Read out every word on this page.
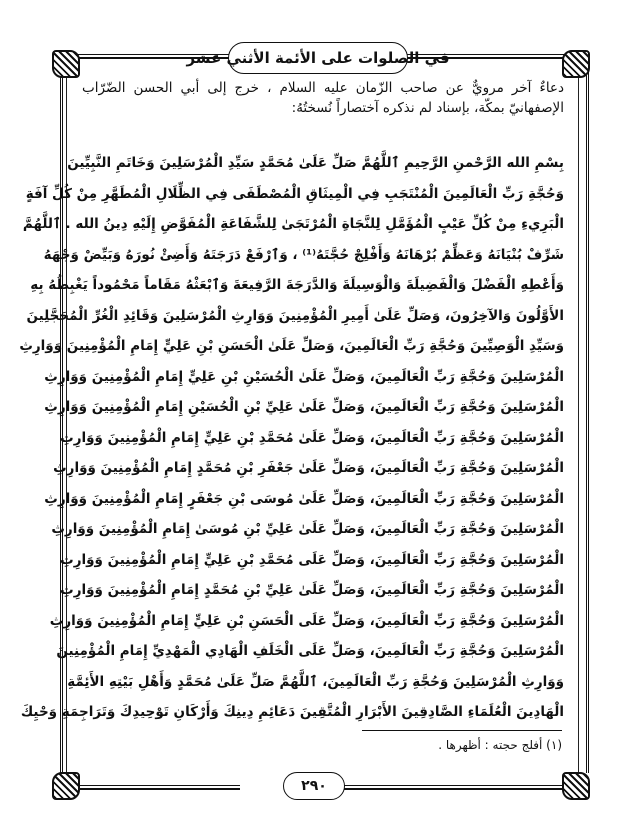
في الصلوات على الأئمة الأثني عشر
دعاءٌ آخر مرويٌّ عن صاحب الزّمان عليه السلام ، خرج إلى أبي الحسن الضّرّاب
الإصفهانيّ بمكّة، بإسناد لم نذكره آختصاراً نُسختُهُ:
بِسْمِ الله الرَّحْمنِ الرَّحِيمِ ٱللَّهُمَّ صَلِّ عَلَىٰ مُحَمَّدٍ سَيِّدِ الْمُرْسَلِينَ وَخَاتَمِ النَّبِيِّينَ
وَحُجَّةِ رَبِّ الْعَالَمِينَ الْمُنْتَجَبِ فِي الْمِيثَاقِ الْمُصْطَفَى فِي الظِّلَالِ الْمُطَهَّرِ مِنْ كُلِّ آفَةٍ
الْبَرِيءِ مِنْ كُلِّ عَيْبٍ الْمُؤَمَّلِ لِلنَّجَاةِ الْمُرْتَجَىٰ لِلشَّفَاعَةِ الْمُفَوَّضِ إِلَيْهِ دِينُ الله . ٱللَّهُمَّ
شَرِّفْ بُنْيَانَهُ وَعَظِّمْ بُرْهَانَهُ وَأَفْلِجْ حُجَّتَهُ⁽¹⁾ ، وَٱرْفَعْ دَرَجَتَهُ وَأَضِئْ نُورَهُ وَبَيِّضْ وَجْهَهُ
وَأَعْطِهِ الْفَضْلَ وَالْفَضِيلَةَ وَالْوَسِيلَةَ وَالدَّرَجَةَ الرَّفِيعَةَ وَٱبْعَثْهُ مَقَاماً مَحْمُوداً يَغْبِطُهُ بِهِ
الأَوَّلُونَ وَالآخِرُونَ، وَصَلِّ عَلَىٰ أَمِيرِ الْمُؤْمِنِينَ وَوَارِثِ الْمُرْسَلِينَ وَقَائِدِ الْغُرِّ الْمُحَجَّلِينَ
وَسَيِّدِ الْوَصِيِّينَ وَحُجَّةِ رَبِّ الْعَالَمِينَ، وَصَلِّ عَلَىٰ الْحَسَنِ بْنِ عَلِيٍّ إِمَامِ الْمُؤْمِنِينَ وَوَارِثِ
الْمُرْسَلِينَ وَحُجَّةِ رَبِّ الْعَالَمِينَ، وَصَلِّ عَلَىٰ الْحُسَيْنِ بْنِ عَلِيٍّ إِمَامِ الْمُؤْمِنِينَ وَوَارِثِ
الْمُرْسَلِينَ وَحُجَّةِ رَبِّ الْعَالَمِينَ، وَصَلِّ عَلَىٰ عَلِيِّ بْنِ الْحُسَيْنِ إِمَامِ الْمُؤْمِنِينَ وَوَارِثِ
الْمُرْسَلِينَ وَحُجَّةِ رَبِّ الْعَالَمِينَ، وَصَلِّ عَلَىٰ مُحَمَّدِ بْنِ عَلِيٍّ إِمَامِ الْمُؤْمِنِينَ وَوَارِثِ
الْمُرْسَلِينَ وَحُجَّةِ رَبِّ الْعَالَمِينَ، وَصَلِّ عَلَىٰ جَعْفَرِ بْنِ مُحَمَّدٍ إِمَامِ الْمُؤْمِنِينَ وَوَارِثِ
الْمُرْسَلِينَ وَحُجَّةِ رَبِّ الْعَالَمِينَ، وَصَلِّ عَلَىٰ مُوسَى بْنِ جَعْفَرٍ إِمَامِ الْمُؤْمِنِينَ وَوَارِثِ
الْمُرْسَلِينَ وَحُجَّةِ رَبِّ الْعَالَمِينَ، وَصَلِّ عَلَىٰ عَلِيِّ بْنِ مُوسَىٰ إِمَامِ الْمُؤْمِنِينَ وَوَارِثِ
الْمُرْسَلِينَ وَحُجَّةِ رَبِّ الْعَالَمِينَ، وَصَلِّ عَلَى مُحَمَّدِ بْنِ عَلِيٍّ إِمَامِ الْمُؤْمِنِينَ وَوَارِثِ
الْمُرْسَلِينَ وَحُجَّةِ رَبِّ الْعَالَمِينَ، وَصَلِّ عَلَىٰ عَلِيِّ بْنِ مُحَمَّدٍ إِمَامِ الْمُؤْمِنِينَ وَوَارِثِ
الْمُرْسَلِينَ وَحُجَّةِ رَبِّ الْعَالَمِينَ، وَصَلِّ عَلَى الْحَسَنِ بْنِ عَلِيٍّ إِمَامِ الْمُؤْمِنِينَ وَوَارِثِ
الْمُرْسَلِينَ وَحُجَّةِ رَبِّ الْعَالَمِينَ، وَصَلِّ عَلَى الْخَلَفِ الْهَادِي الْمَهْدِيِّ إِمَامِ الْمُؤْمِنِينَ
وَوَارِثِ الْمُرْسَلِينَ وَحُجَّةِ رَبِّ الْعَالَمِينَ، ٱللَّهُمَّ صَلِّ عَلَىٰ مُحَمَّدٍ وَأَهْلِ بَيْتِهِ الأَئِمَّةِ
الْهَادِينَ الْعُلَمَاءِ الصَّادِقِينَ الأَبْرَارِ الْمُتَّقِينَ دَعَائِمِ دِينِكَ وَأَرْكَانِ تَوْحِيدِكَ وَتَرَاجِمَةِ وَحْيِكَ
(١) أفلج حجته : أظهرها .
٢٩٠
